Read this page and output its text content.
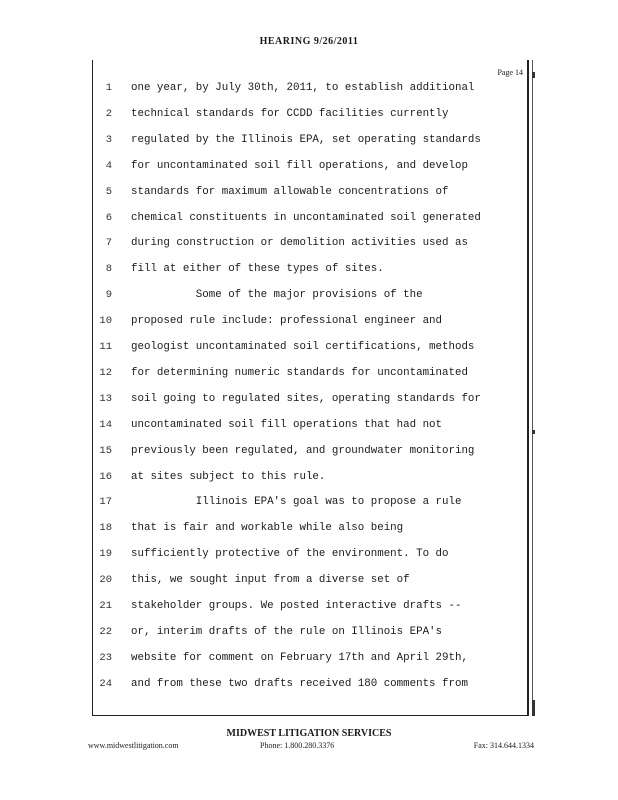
HEARING 9/26/2011
Page 14
1 one year, by July 30th, 2011, to establish additional
2 technical standards for CCDD facilities currently
3 regulated by the Illinois EPA, set operating standards
4 for uncontaminated soil fill operations, and develop
5 standards for maximum allowable concentrations of
6 chemical constituents in uncontaminated soil generated
7 during construction or demolition activities used as
8 fill at either of these types of sites.
9 Some of the major provisions of the
10 proposed rule include: professional engineer and
11 geologist uncontaminated soil certifications, methods
12 for determining numeric standards for uncontaminated
13 soil going to regulated sites, operating standards for
14 uncontaminated soil fill operations that had not
15 previously been regulated, and groundwater monitoring
16 at sites subject to this rule.
17 Illinois EPA's goal was to propose a rule
18 that is fair and workable while also being
19 sufficiently protective of the environment. To do
20 this, we sought input from a diverse set of
21 stakeholder groups. We posted interactive drafts --
22 or, interim drafts of the rule on Illinois EPA's
23 website for comment on February 17th and April 29th,
24 and from these two drafts received 180 comments from
MIDWEST LITIGATION SERVICES
www.midwestlitigation.com	Phone: 1.800.280.3376	Fax: 314.644.1334
